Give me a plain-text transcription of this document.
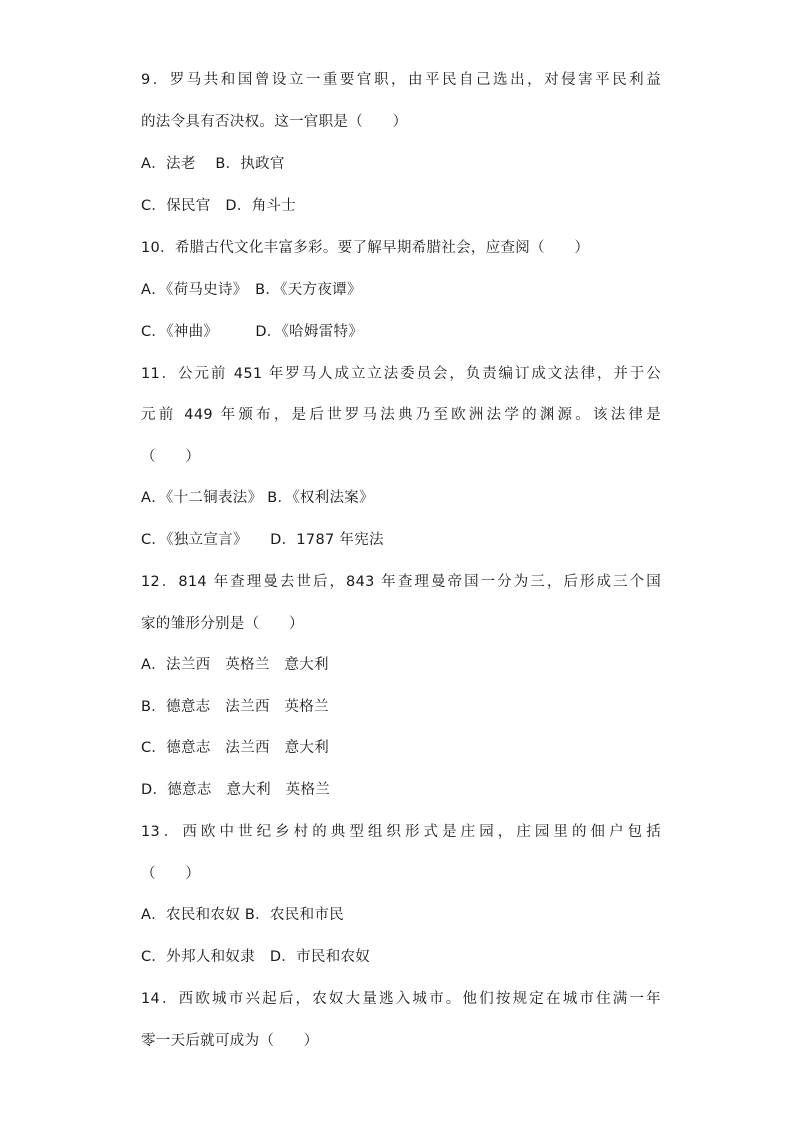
9．罗马共和国曾设立一重要官职，由平民自己选出，对侵害平民利益
的法令具有否决权。这一官职是（　　）
A．法老　 B．执政官
C．保民官　D．角斗士
10．希腊古代文化丰富多彩。要了解早期希腊社会，应查阅（　　）
A．《荷马史诗》　B．《天方夜谭》
C．《神曲》　　　D．《哈姆雷特》
11．公元前 451 年罗马人成立立法委员会，负责编订成文法律，并于公
元前 449 年颁布，是后世罗马法典乃至欧洲法学的渊源。该法律是
（　　）
A．《十二铜表法》 B．《权利法案》
C．《独立宣言》　　D．1787 年宪法
12．814 年查理曼去世后，843 年查理曼帝国一分为三，后形成三个国
家的雏形分别是（　　）
A．法兰西　英格兰　意大利
B．德意志　法兰西　英格兰
C．德意志　法兰西　意大利
D．德意志　意大利　英格兰
13．西欧中世纪乡村的典型组织形式是庄园，庄园里的佃户包括
（　　）
A．农民和农奴 B．农民和市民
C．外邦人和奴隶　D．市民和农奴
14．西欧城市兴起后，农奴大量逃入城市。他们按规定在城市住满一年
零一天后就可成为（　　）
